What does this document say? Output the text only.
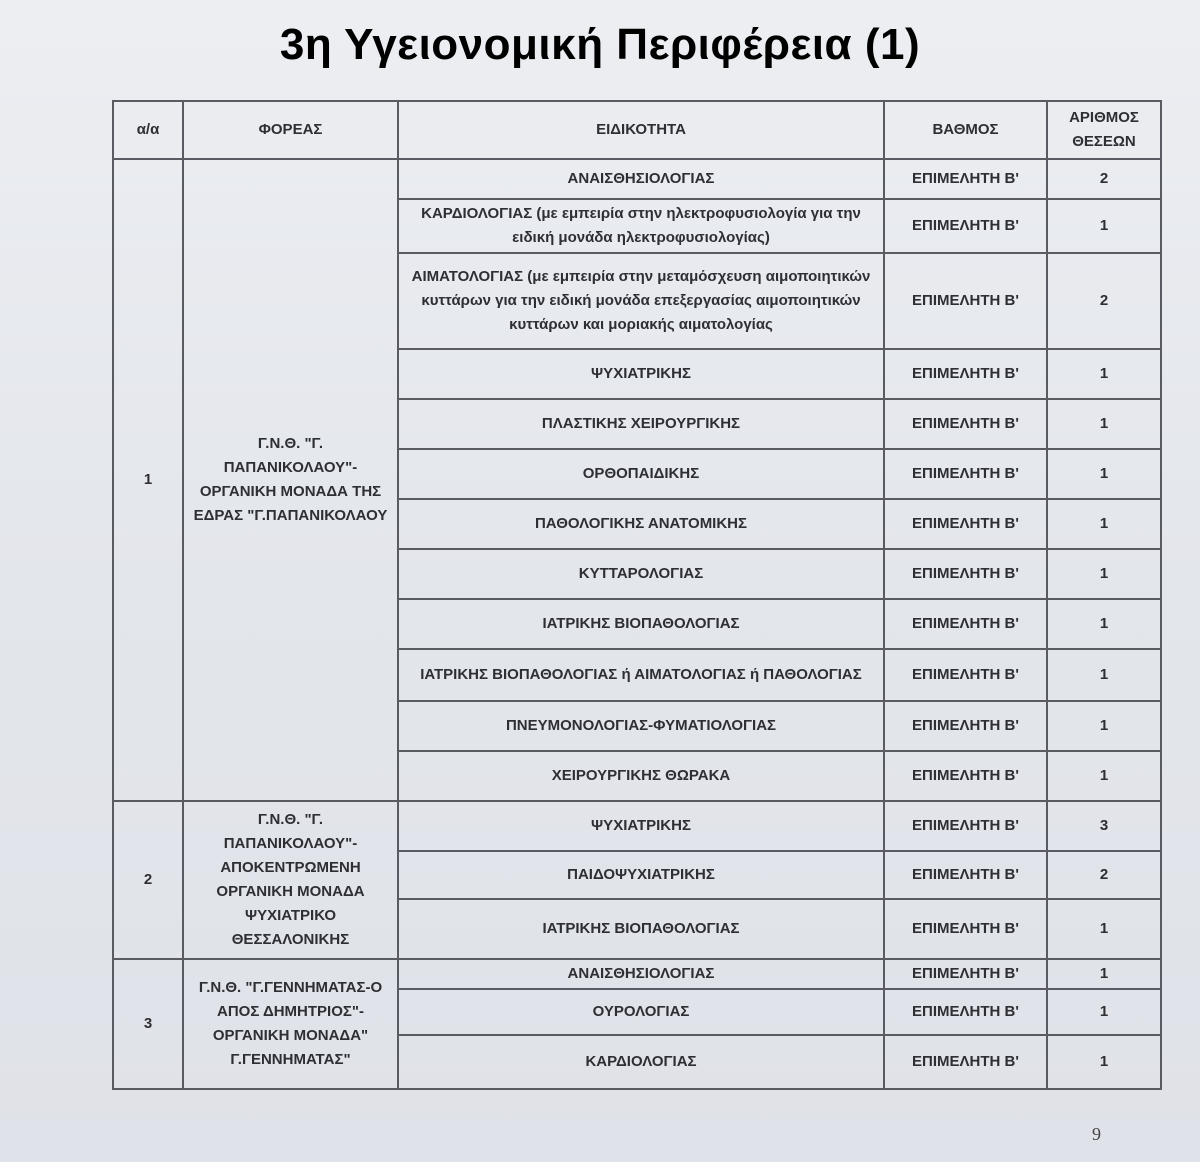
3η Υγειονομική Περιφέρεια (1)
α/α	ΦΟΡΕΑΣ	ΕΙΔΙΚΟΤΗΤΑ	ΒΑΘΜΟΣ	ΑΡΙΘΜΟΣ ΘΕΣΕΩΝ
1	Γ.Ν.Θ. "Γ. ΠΑΠΑΝΙΚΟΛΑΟΥ"-ΟΡΓΑΝΙΚΗ ΜΟΝΑΔΑ ΤΗΣ ΕΔΡΑΣ "Γ.ΠΑΠΑΝΙΚΟΛΑΟΥ	ΑΝΑΙΣΘΗΣΙΟΛΟΓΙΑΣ	ΕΠΙΜΕΛΗΤΗ Β'	2
		ΚΑΡΔΙΟΛΟΓΙΑΣ (με εμπειρία στην ηλεκτροφυσιολογία για την ειδική μονάδα ηλεκτροφυσιολογίας)	ΕΠΙΜΕΛΗΤΗ Β'	1
		ΑΙΜΑΤΟΛΟΓΙΑΣ (με εμπειρία στην μεταμόσχευση αιμοποιητικών κυττάρων για την ειδική μονάδα επεξεργασίας αιμοποιητικών κυττάρων και μοριακής αιματολογίας	ΕΠΙΜΕΛΗΤΗ Β'	2
		ΨΥΧΙΑΤΡΙΚΗΣ	ΕΠΙΜΕΛΗΤΗ Β'	1
		ΠΛΑΣΤΙΚΗΣ ΧΕΙΡΟΥΡΓΙΚΗΣ	ΕΠΙΜΕΛΗΤΗ Β'	1
		ΟΡΘΟΠΑΙΔΙΚΗΣ	ΕΠΙΜΕΛΗΤΗ Β'	1
		ΠΑΘΟΛΟΓΙΚΗΣ ΑΝΑΤΟΜΙΚΗΣ	ΕΠΙΜΕΛΗΤΗ Β'	1
		ΚΥΤΤΑΡΟΛΟΓΙΑΣ	ΕΠΙΜΕΛΗΤΗ Β'	1
		ΙΑΤΡΙΚΗΣ ΒΙΟΠΑΘΟΛΟΓΙΑΣ	ΕΠΙΜΕΛΗΤΗ Β'	1
		ΙΑΤΡΙΚΗΣ ΒΙΟΠΑΘΟΛΟΓΙΑΣ ή ΑΙΜΑΤΟΛΟΓΙΑΣ ή ΠΑΘΟΛΟΓΙΑΣ	ΕΠΙΜΕΛΗΤΗ Β'	1
		ΠΝΕΥΜΟΝΟΛΟΓΙΑΣ-ΦΥΜΑΤΙΟΛΟΓΙΑΣ	ΕΠΙΜΕΛΗΤΗ Β'	1
		ΧΕΙΡΟΥΡΓΙΚΗΣ ΘΩΡΑΚΑ	ΕΠΙΜΕΛΗΤΗ Β'	1
2	Γ.Ν.Θ. "Γ. ΠΑΠΑΝΙΚΟΛΑΟΥ"-ΑΠΟΚΕΝΤΡΩΜΕΝΗ ΟΡΓΑΝΙΚΗ ΜΟΝΑΔΑ ΨΥΧΙΑΤΡΙΚΟ ΘΕΣΣΑΛΟΝΙΚΗΣ	ΨΥΧΙΑΤΡΙΚΗΣ	ΕΠΙΜΕΛΗΤΗ Β'	3
		ΠΑΙΔΟΨΥΧΙΑΤΡΙΚΗΣ	ΕΠΙΜΕΛΗΤΗ Β'	2
		ΙΑΤΡΙΚΗΣ ΒΙΟΠΑΘΟΛΟΓΙΑΣ	ΕΠΙΜΕΛΗΤΗ Β'	1
3	Γ.Ν.Θ. "Γ.ΓΕΝΝΗΜΑΤΑΣ-Ο ΑΠΟΣ ΔΗΜΗΤΡΙΟΣ"-ΟΡΓΑΝΙΚΗ ΜΟΝΑΔΑ" Γ.ΓΕΝΝΗΜΑΤΑΣ"	ΑΝΑΙΣΘΗΣΙΟΛΟΓΙΑΣ	ΕΠΙΜΕΛΗΤΗ Β'	1
		ΟΥΡΟΛΟΓΙΑΣ	ΕΠΙΜΕΛΗΤΗ Β'	1
		ΚΑΡΔΙΟΛΟΓΙΑΣ	ΕΠΙΜΕΛΗΤΗ Β'	1
9
